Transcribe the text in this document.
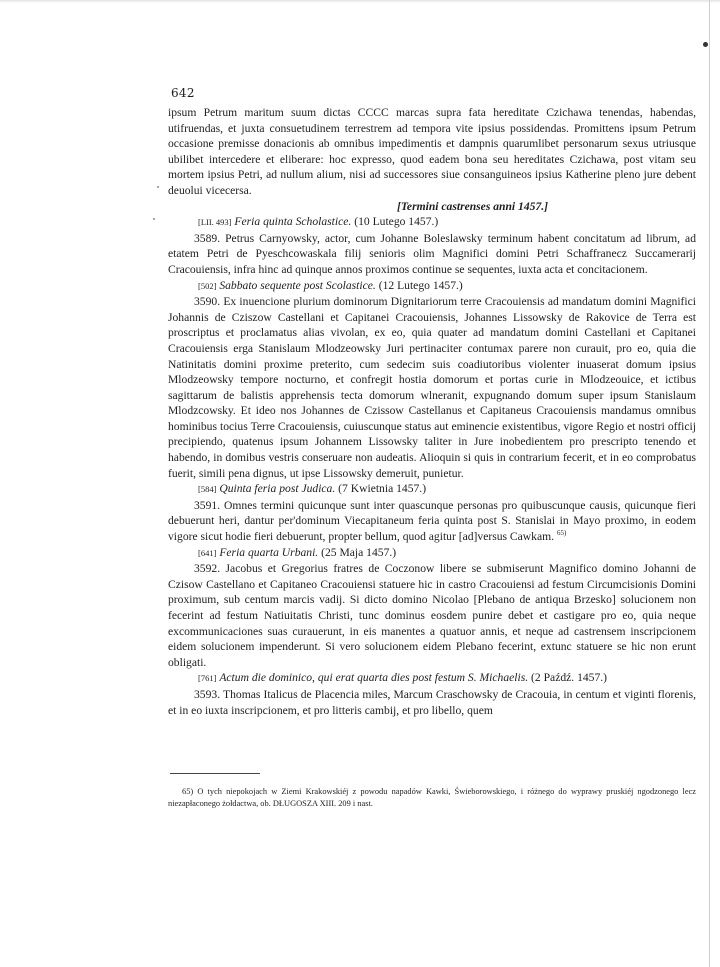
642

ipsum Petrum maritum suum dictas CCCC marcas supra fata hereditate Czichawa tenendas, habendas, utifruendas, et juxta consuetudinem terrestrem ad tempora vite ipsius possidendas. Promittens ipsum Petrum occasione premisse donacionis ab omnibus impedimentis et dampnis quarumlibet personarum sexus utriusque ubilibet intercedere et eliberare: hoc expresso, quod eadem bona seu hereditates Czichawa, post vitam seu mortem ipsius Petri, ad nullum alium, nisi ad successores siue consanguineos ipsius Katherine pleno jure debent deuolui vicecersa.

[Termini castrenses anni 1457.]

[LII. 493] Feria quinta Scholastice. (10 Lutego 1457.)

3589. Petrus Carnyowsky, actor, cum Johanne Boleslawsky terminum habent concitatum ad librum, ad etatem Petri de Pyeschcowaskala filij senioris olim Magnifici domini Petri Schaffranecz Succamerarij Cracouiensis, infra hinc ad quinque annos proximos continue se sequentes, iuxta acta et concitacionem.

[502] Sabbato sequente post Scolastice. (12 Lutego 1457.)

3590. Ex inuencione plurium dominorum Dignitariorum terre Cracouiensis ad mandatum domini Magnifici Johannis de Cziszow Castellani et Capitanei Cracouiensis, Johannes Lissowsky de Rakovice de Terra est proscriptus et proclamatus alias vivolan, ex eo, quia quater ad mandatum domini Castellani et Capitanei Cracouiensis erga Stanislaum Mlodzeowsky Juri pertinaciter contumax parere non curauit, pro eo, quia die Natinitatis domini proxime preterito, cum sedecim suis coadiutoribus violenter inuaserat domum ipsius Mlodzeowsky tempore nocturno, et confregit hostia domorum et portas curie in Mlodzeouice, et ictibus sagittarum de balistis apprehensis tecta domorum wlneranit, expugnando domum super ipsum Stanislaum Mlodzcowsky. Et ideo nos Johannes de Czissow Castellanus et Capitaneus Cracouiensis mandamus omnibus hominibus tocius Terre Cracouiensis, cuiuscunque status aut eminencie existentibus, vigore Regio et nostri officij precipiendo, quatenus ipsum Johannem Lissowsky taliter in Jure inobedientem pro prescripto tenendo et habendo, in domibus vestris conseruare non audeatis. Alioquin si quis in contrarium fecerit, et in eo comprobatus fuerit, simili pena dignus, ut ipse Lissowsky demeruit, punietur.

[584] Quinta feria post Judica. (7 Kwietnia 1457.)

3591. Omnes termini quicunque sunt inter quascunque personas pro quibuscunque causis, quicunque fieri debuerunt heri, dantur per'dominum Viecapitaneum feria quinta post S. Stanislai in Mayo proximo, in eodem vigore sicut hodie fieri debuerunt, propter bellum, quod agitur [ad]versus Cawkam. $^{65)}$

[641] Feria quarta Urbani. (25 Maja 1457.)

3592. Jacobus et Gregorius fratres de Coczonow libere se submiserunt Magnifico domino Johanni de Czisow Castellano et Capitaneo Cracouiensi statuere hic in castro Cracouiensi ad festum Circumcisionis Domini proximum, sub centum marcis vadij. Si dicto domino Nicolao [Plebano de antiqua Brzesko] solucionem non fecerint ad festum Natiuitatis Christi, tunc dominus eosdem punire debet et castigare pro eo, quia neque excommunicaciones suas curauerunt, in eis manentes a quatuor annis, et neque ad castrensem inscripcionem eidem solucionem impenderunt. Si vero solucionem eidem Plebano fecerint, extunc statuere se hic non erunt obligati.

[761] Actum die dominico, qui erat quarta dies post festum S. Michaelis. (2 Paźdź. 1457.)

3593. Thomas Italicus de Placencia miles, Marcum Craschowsky de Cracouia, in centum et viginti florenis, et in eo iuxta inscripcionem, et pro litteris cambij, et pro libello, quem

65) O tych niepokojach w Ziemi Krakowskiéj z powodu napadów Kawki, Świeborowskiego, i różnego do wyprawy pruskiéj ngodzonego lecz niezapłaconego żołdactwa, ob. DŁUGOSZA XIII. 209 i nast.
